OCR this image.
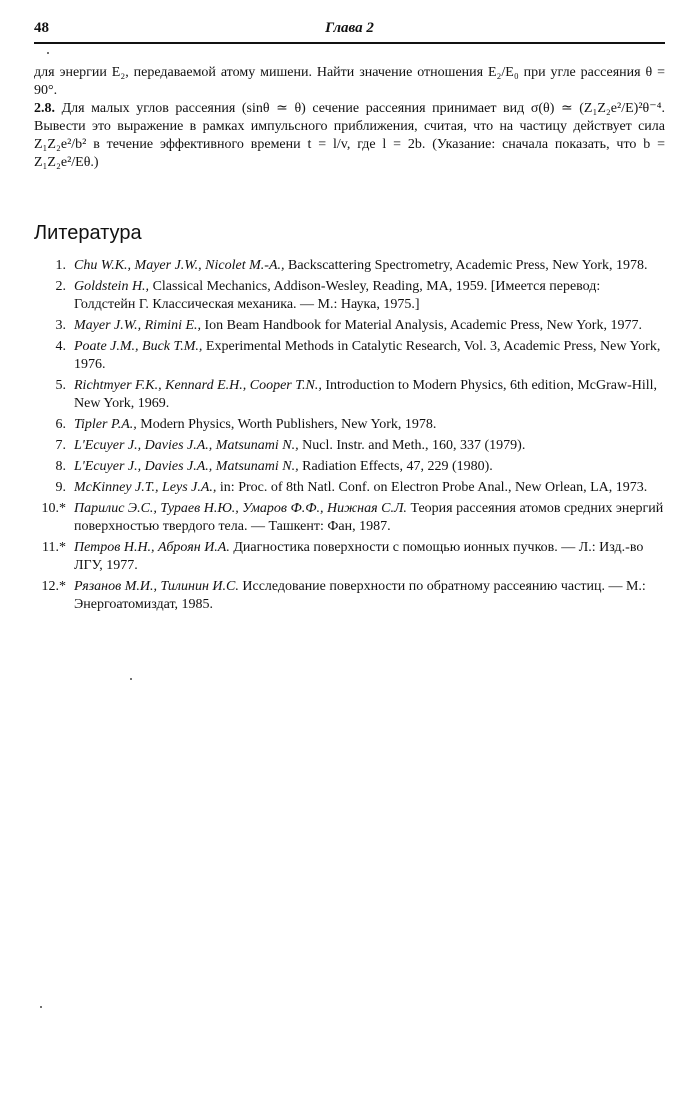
48	Глава 2

для энергии E₂, передаваемой атому мишени. Найти значение отношения E₂/E₀ при угле рассеяния θ = 90°.

2.8. Для малых углов рассеяния (sinθ ≃ θ) сечение рассеяния принимает вид σ(θ) ≃ (Z₁Z₂e²/E)²θ⁻⁴. Вывести это выражение в рамках импульсного приближения, считая, что на частицу действует сила Z₁Z₂e²/b² в течение эффективного времени t = l/v, где l = 2b. (Указание: сначала показать, что b = Z₁Z₂e²/Eθ.)

Литература
1. Chu W.K., Mayer J.W., Nicolet M.-A., Backscattering Spectrometry, Academic Press, New York, 1978.
2. Goldstein H., Classical Mechanics, Addison-Wesley, Reading, MA, 1959. [Имеется перевод: Голдстейн Г. Классическая механика. — М.: Наука, 1975.]
3. Mayer J.W., Rimini E., Ion Beam Handbook for Material Analysis, Academic Press, New York, 1977.
4. Poate J.M., Buck T.M., Experimental Methods in Catalytic Research, Vol. 3, Academic Press, New York, 1976.
5. Richtmyer F.K., Kennard E.H., Cooper T.N., Introduction to Modern Physics, 6th edition, McGraw-Hill, New York, 1969.
6. Tipler P.A., Modern Physics, Worth Publishers, New York, 1978.
7. L'Ecuyer J., Davies J.A., Matsunami N., Nucl. Instr. and Meth., 160, 337 (1979).
8. L'Ecuyer J., Davies J.A., Matsunami N., Radiation Effects, 47, 229 (1980).
9. McKinney J.T., Leys J.A., in: Proc. of 8th Natl. Conf. on Electron Probe Anal., New Orlean, LA, 1973.
10.* Парилис Э.С., Тураев Н.Ю., Умаров Ф.Ф., Нижная С.Л. Теория рассеяния атомов средних энергий поверхностью твердого тела. — Ташкент: Фан, 1987.
11.* Петров Н.Н., Аброян И.А. Диагностика поверхности с помощью ионных пучков. — Л.: Изд.-во ЛГУ, 1977.
12.* Рязанов М.И., Тилинин И.С. Исследование поверхности по обратному рассеянию частиц. — М.: Энергоатомиздат, 1985.
